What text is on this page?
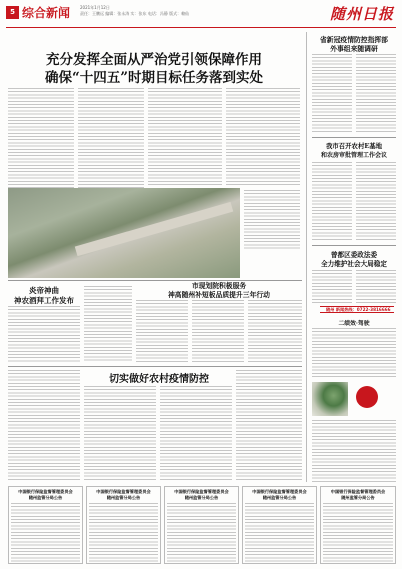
5 综合新闻 2021年1月12日
责任：王鹏远 编辑：张永涛 实：张东 电话：冯静 版式：赖仙	随州日报
充分发挥全面从严治党引领保障作用
确保“十四五”时期目标任务落到实处
炎帝神曲
神农酒拜工作发布
市现划院积极服务
神高随州补短板品质提升三年行动
切实做好农村疫情防控
省新冠疫情防控指挥部
外事组来随调研
我市召开农村E基地
和农房审批管理工作会议
曾都区委政法委
全力维护社会大局稳定
随州 新闻热线：0722-3816666
二绩效·驾驶
中国银行保险监督管理委员会
随州监管分局公告
中国银行保险监督管理委员会
随州监管分局公告
中国银行保险监督管理委员会
随州监管分局公告
中国银行保险监督管理委员会
随州监管分局公告
中国银行保险监督管理委员会
随州监管分局公告
